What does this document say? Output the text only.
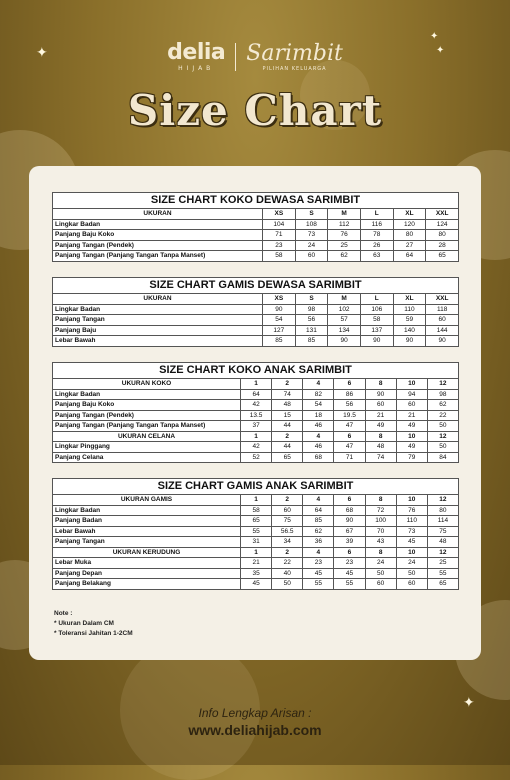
✦
✦
✦
✦
delia
HIJAB
Sarimbit
PILIHAN KELUARGA
Size Chart
SIZE CHART KOKO DEWASA SARIMBIT
UKURAN	XS	S	M	L	XL	XXL
Lingkar Badan	104	108	112	116	120	124
Panjang Baju Koko	71	73	76	78	80	80
Panjang Tangan (Pendek)	23	24	25	26	27	28
Panjang Tangan (Panjang Tangan Tanpa Manset)	58	60	62	63	64	65
SIZE CHART GAMIS DEWASA SARIMBIT
UKURAN	XS	S	M	L	XL	XXL
Lingkar Badan	90	98	102	106	110	118
Panjang Tangan	54	56	57	58	59	60
Panjang Baju	127	131	134	137	140	144
Lebar Bawah	85	85	90	90	90	90
SIZE CHART KOKO ANAK SARIMBIT
UKURAN KOKO	1	2	4	6	8	10	12
Lingkar Badan	64	74	82	86	90	94	98
Panjang Baju Koko	42	48	54	56	60	60	62
Panjang Tangan (Pendek)	13.5	15	18	19.5	21	21	22
Panjang Tangan (Panjang Tangan Tanpa Manset)	37	44	46	47	49	49	50
UKURAN CELANA	1	2	4	6	8	10	12
Lingkar Pinggang	42	44	46	47	48	49	50
Panjang Celana	52	65	68	71	74	79	84
SIZE CHART GAMIS ANAK SARIMBIT
UKURAN GAMIS	1	2	4	6	8	10	12
Lingkar Badan	58	60	64	68	72	76	80
Panjang Badan	65	75	85	90	100	110	114
Lebar Bawah	55	56.5	62	67	70	73	75
Panjang Tangan	31	34	36	39	43	45	48
UKURAN KERUDUNG	1	2	4	6	8	10	12
Lebar Muka	21	22	23	23	24	24	25
Panjang Depan	35	40	45	45	50	50	55
Panjang Belakang	45	50	55	55	60	60	65
Note :
* Ukuran Dalam CM
* Toleransi Jahitan 1-2CM
Info Lengkap Arisan :
www.deliahijab.com
